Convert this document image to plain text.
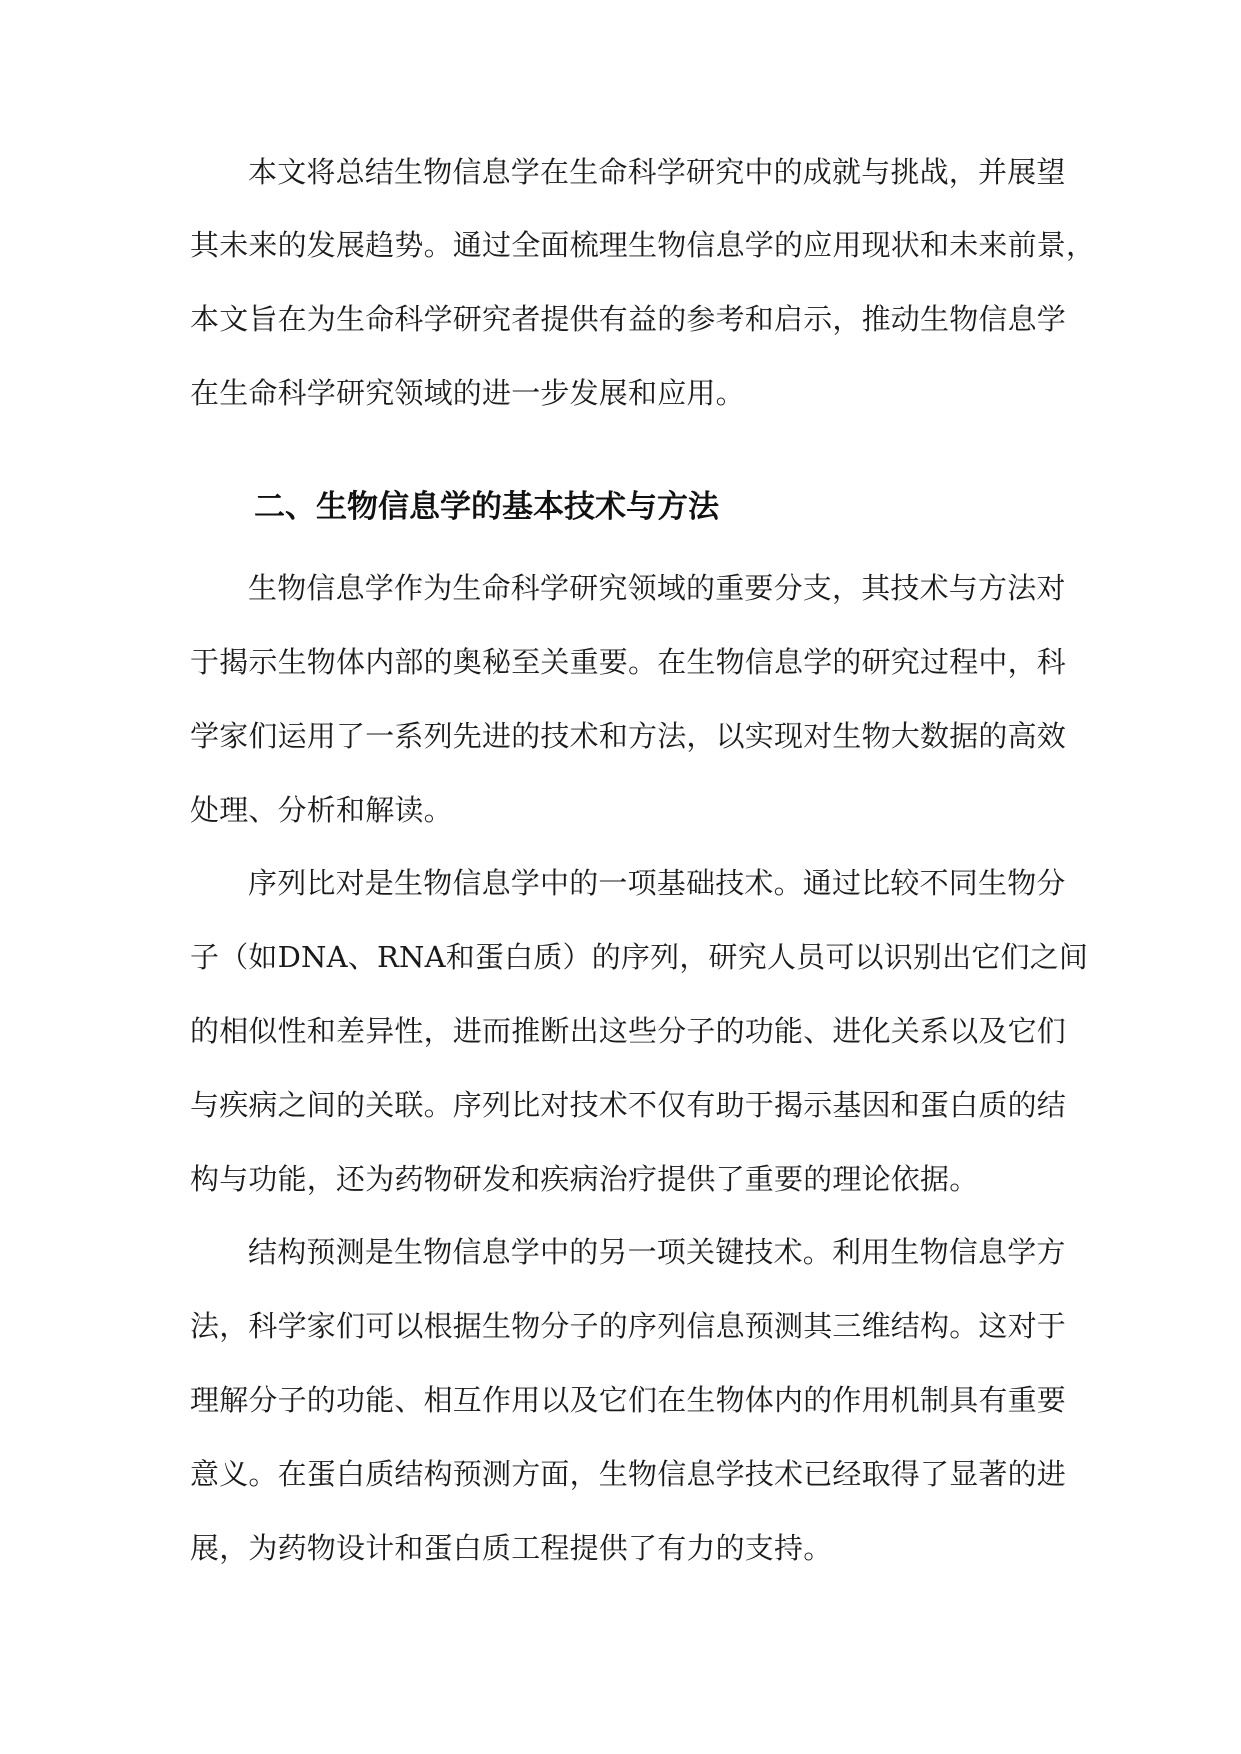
本文将总结生物信息学在生命科学研究中的成就与挑战，并展望
其未来的发展趋势。通过全面梳理生物信息学的应用现状和未来前景，
本文旨在为生命科学研究者提供有益的参考和启示，推动生物信息学
在生命科学研究领域的进一步发展和应用。
二、生物信息学的基本技术与方法
生物信息学作为生命科学研究领域的重要分支，其技术与方法对
于揭示生物体内部的奥秘至关重要。在生物信息学的研究过程中，科
学家们运用了一系列先进的技术和方法，以实现对生物大数据的高效
处理、分析和解读。
序列比对是生物信息学中的一项基础技术。通过比较不同生物分
子（如DNA、RNA和蛋白质）的序列，研究人员可以识别出它们之间
的相似性和差异性，进而推断出这些分子的功能、进化关系以及它们
与疾病之间的关联。序列比对技术不仅有助于揭示基因和蛋白质的结
构与功能，还为药物研发和疾病治疗提供了重要的理论依据。
结构预测是生物信息学中的另一项关键技术。利用生物信息学方
法，科学家们可以根据生物分子的序列信息预测其三维结构。这对于
理解分子的功能、相互作用以及它们在生物体内的作用机制具有重要
意义。在蛋白质结构预测方面，生物信息学技术已经取得了显著的进
展，为药物设计和蛋白质工程提供了有力的支持。
